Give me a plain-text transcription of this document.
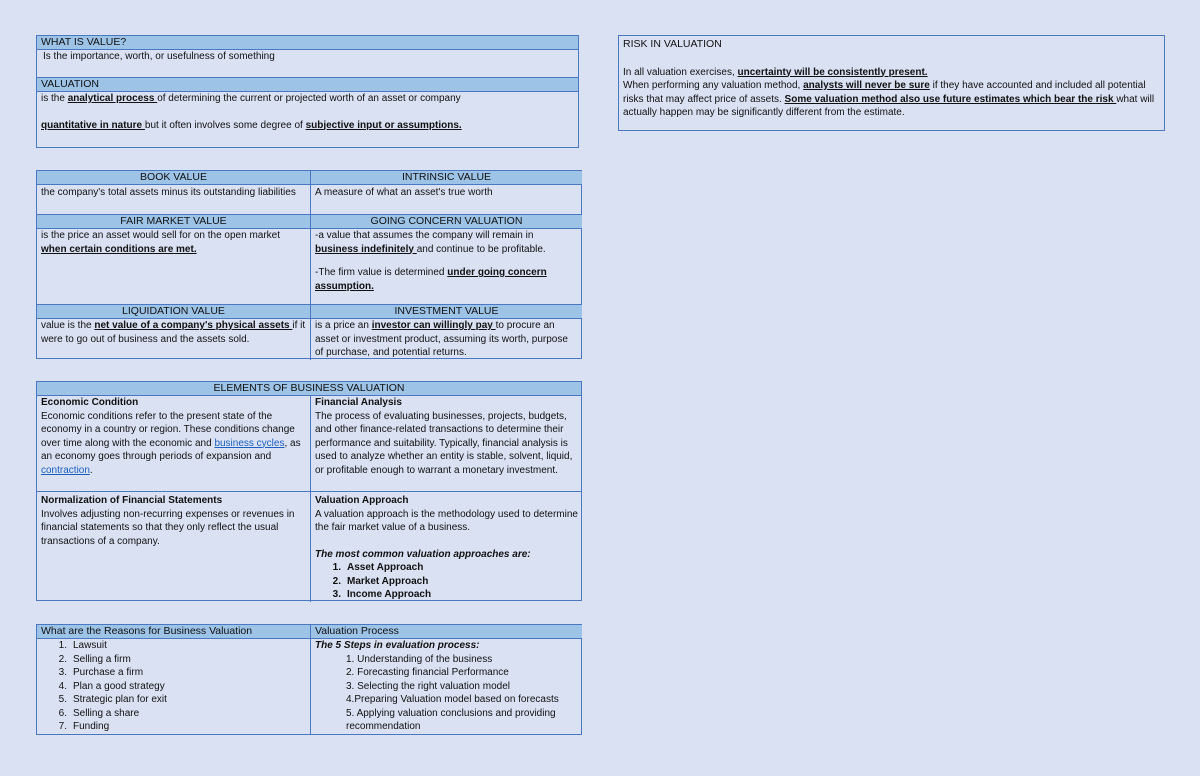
WHAT IS VALUE?
Is the importance, worth, or usefulness of something
VALUATION
is the analytical process of determining the current or projected worth of an asset or company
quantitative in nature but it often involves some degree of subjective input or assumptions.
BOOK VALUE
the company's total assets minus its outstanding liabilities
INTRINSIC VALUE
A measure of what an asset's true worth
FAIR MARKET VALUE
is the price an asset would sell for on the open market when certain conditions are met.
GOING CONCERN VALUATION
-a value that assumes the company will remain in business indefinitely and continue to be profitable.
-The firm value is determined under going concern assumption.
LIQUIDATION VALUE
value is the net value of a company's physical assets if it were to go out of business and the assets sold.
INVESTMENT VALUE
is a price an investor can willingly pay to procure an asset or investment product, assuming its worth, purpose of purchase, and potential returns.
ELEMENTS OF BUSINESS VALUATION
Economic Condition
Economic conditions refer to the present state of the economy in a country or region. These conditions change over time along with the economic and business cycles, as an economy goes through periods of expansion and contraction.
Financial Analysis
The process of evaluating businesses, projects, budgets, and other finance-related transactions to determine their performance and suitability. Typically, financial analysis is used to analyze whether an entity is stable, solvent, liquid, or profitable enough to warrant a monetary investment.
Normalization of Financial Statements
Involves adjusting non-recurring expenses or revenues in financial statements so that they only reflect the usual transactions of a company.
Valuation Approach
A valuation approach is the methodology used to determine the fair market value of a business.
The most common valuation approaches are:
1. Asset Approach
2. Market Approach
3. Income Approach
What are the Reasons for Business Valuation
1. Lawsuit
2. Selling a firm
3. Purchase a firm
4. Plan a good strategy
5. Strategic plan for exit
6. Selling a share
7. Funding
Valuation Process
The 5 Steps in evaluation process:
1. Understanding of the business
2. Forecasting financial Performance
3. Selecting the right valuation model
4.Preparing Valuation model based on forecasts
5. Applying valuation conclusions and providing
recommendation
RISK IN VALUATION
In all valuation exercises, uncertainty will be consistently present.
When performing any valuation method, analysts will never be sure if they have accounted and included all potential risks that may affect price of assets. Some valuation method also use future estimates which bear the risk what will actually happen may be significantly different from the estimate.
